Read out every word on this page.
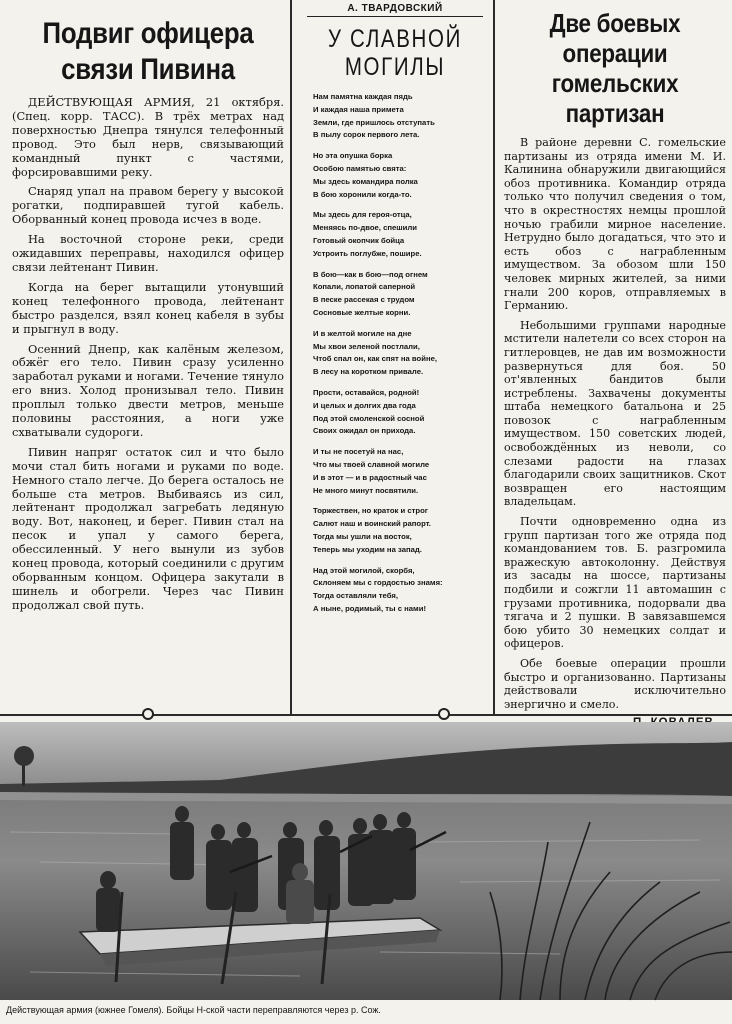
Подвиг офицера связи Пивина

ДЕЙСТВУЮЩАЯ АРМИЯ, 21 октября. (Спец. корр. ТАСС). В трёх метрах над поверхностью Днепра тянулся телефонный провод. Это был нерв, связывающий командный пункт с частями, форсировавшими реку.

Снаряд упал на правом берегу у высокой рогатки, подпиравшей тугой кабель. Оборванный конец провода исчез в воде.

На восточной стороне реки, среди ожидавших переправы, находился офицер связи лейтенант Пивин.

Когда на берег вытащили утонувший конец телефонного провода, лейтенант быстро разделся, взял конец кабеля в зубы и прыгнул в воду.

Осенний Днепр, как калёным железом, обжёг его тело. Пивин сразу усиленно заработал руками и ногами. Течение тянуло его вниз. Холод пронизывал тело. Пивин проплыл только двести метров, меньше половины расстояния, а ноги уже схватывали судороги.

Пивин напряг остаток сил и что было мочи стал бить ногами и руками по воде. Немного стало легче. До берега осталось не больше ста метров. Выбиваясь из сил, лейтенант продолжал загребать ледяную воду. Вот, наконец, и берег. Пивин стал на песок и упал у самого берега, обессиленный. У него вынули из зубов конец провода, который соединили с другим оборванным концом. Офицера закутали в шинель и обогрели. Через час Пивин продолжал свой путь.

А. ТВАРДОВСКИЙ
У СЛАВНОЙ МОГИЛЫ
Нам памятна каждая пядь
И каждая наша примета
Земли, где пришлось отступать
В пылу сорок первого лета.
Но эта опушка борка
Особою памятью свята:
Мы здесь командира полка
В бою хоронили когда-то.
Мы здесь для героя-отца,
Меняясь по-двое, спешили
Готовый окопчик бойца
Устроить поглубже, пошире.
В бою—как в бою—под огнем
Копали, лопатой саперной
В песке рассекая с трудом
Сосновые желтые корни.
И в желтой могиле на дне
Мы хвои зеленой постлали,
Чтоб спал он, как спят на войне,
В лесу на коротком привале.
Прости, оставайся, родной!
И целых и долгих два года
Под этой смоленской сосной
Своих ожидал он прихода.
И ты не посетуй на нас,
Что мы твоей славной могиле
И в этот — и в радостный час
Не много минут посвятили.
Торжествен, но краток и строг
Салют наш и воинский рапорт.
Тогда мы ушли на восток,
Теперь мы уходим на запад.
Над этой могилой, скорбя,
Склоняем мы с гордостью знамя:
Тогда оставляли тебя,
А ныне, родимый, ты с нами!
Две боевых операции гомельских партизан

В районе деревни С. гомельские партизаны из отряда имени М. И. Калинина обнаружили двигающийся обоз противника. Командир отряда только что получил сведения о том, что в окрестностях немцы прошлой ночью грабили мирное население. Нетрудно было догадаться, что это и есть обоз с награбленным имуществом. За обозом шли 150 человек мирных жителей, за ними гнали 200 коров, отправляемых в Германию.

Небольшими группами народные мстители налетели со всех сторон на гитлеровцев, не дав им возможности развернуться для боя. 50 от'явленных бандитов были истреблены. Захвачены документы штаба немецкого батальона и 25 повозок с награбленным имуществом. 150 советских людей, освобождённых из неволи, со слезами радости на глазах благодарили своих защитников. Скот возвращен его настоящим владельцам.

Почти одновременно одна из групп партизан того же отряда под командованием тов. Б. разгромила вражескую автоколонну. Действуя из засады на шоссе, партизаны подбили и сожгли 11 автомашин с грузами противника, подорвали два тягача и 2 пушки. В завязавшемся бою убито 30 немецких солдат и офицеров.

Обе боевые операции прошли быстро и организованно. Партизаны действовали исключительно энергично и смело.

Действующая армия (южнее Гомеля). Бойцы Н-ской части переправляются через р. Сож.
